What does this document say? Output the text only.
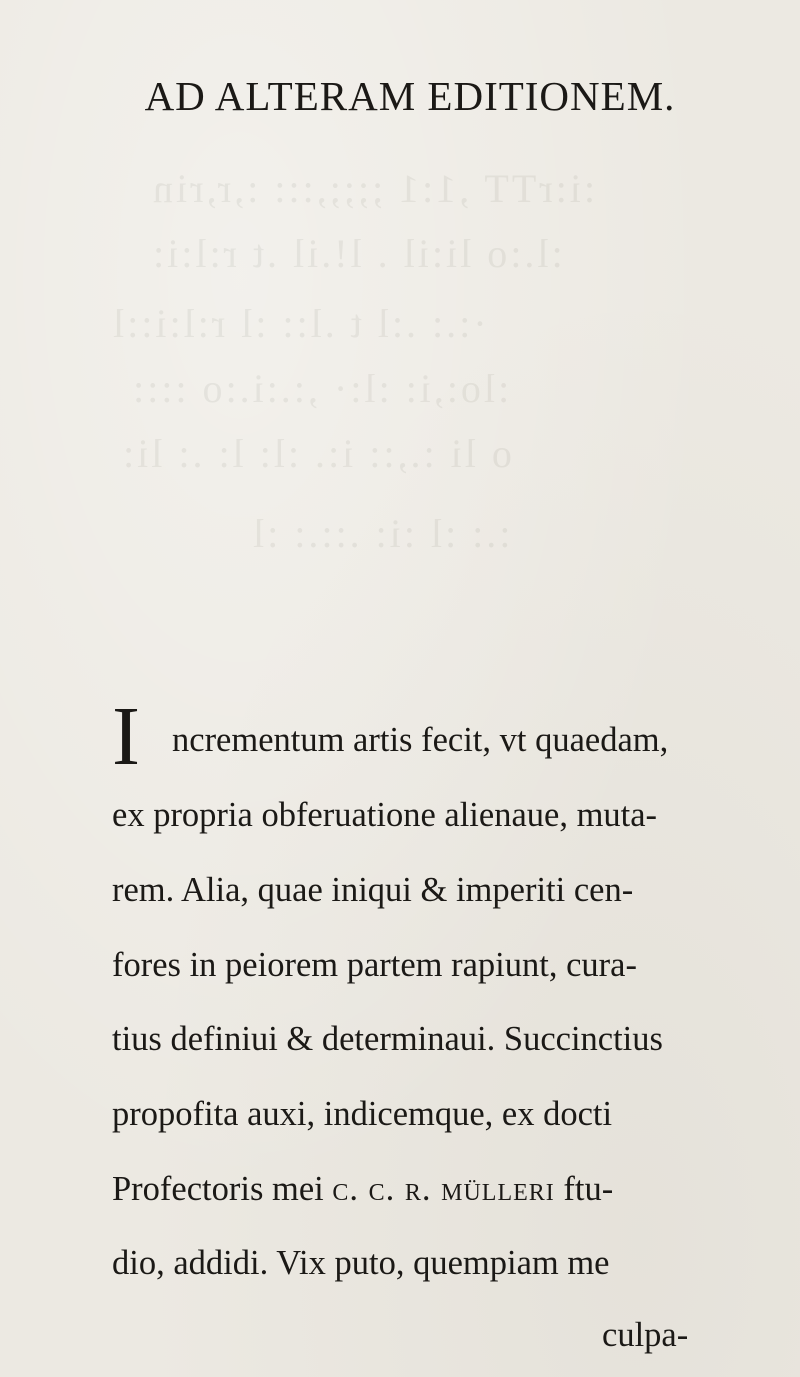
:i:rTT ,1:1 ;;;;,::: :,r,rin
:l.:o li:il . l!.il .t r:l:i:
·:.: .:l t .l:: :l r:l:i::l
:lo:,i: :l:· ,:.:i.:o ::::
o li :.,:: i:. :l: l: .: li:
:.: :l :i: .::.: :l
AD ALTERAM EDITIONEM.
I ncrementum artis fecit, vt quaedam,
ex propria obferuatione alienaue, muta-
rem. Alia, quae iniqui & imperiti cen-
fores in peiorem partem rapiunt, cura-
tius definiui & determinaui. Succinctius
propofita auxi, indicemque, ex docti
Profectoris mei c. c. r. mülleri ftu-
dio, addidi. Vix puto, quempiam me
culpa-
